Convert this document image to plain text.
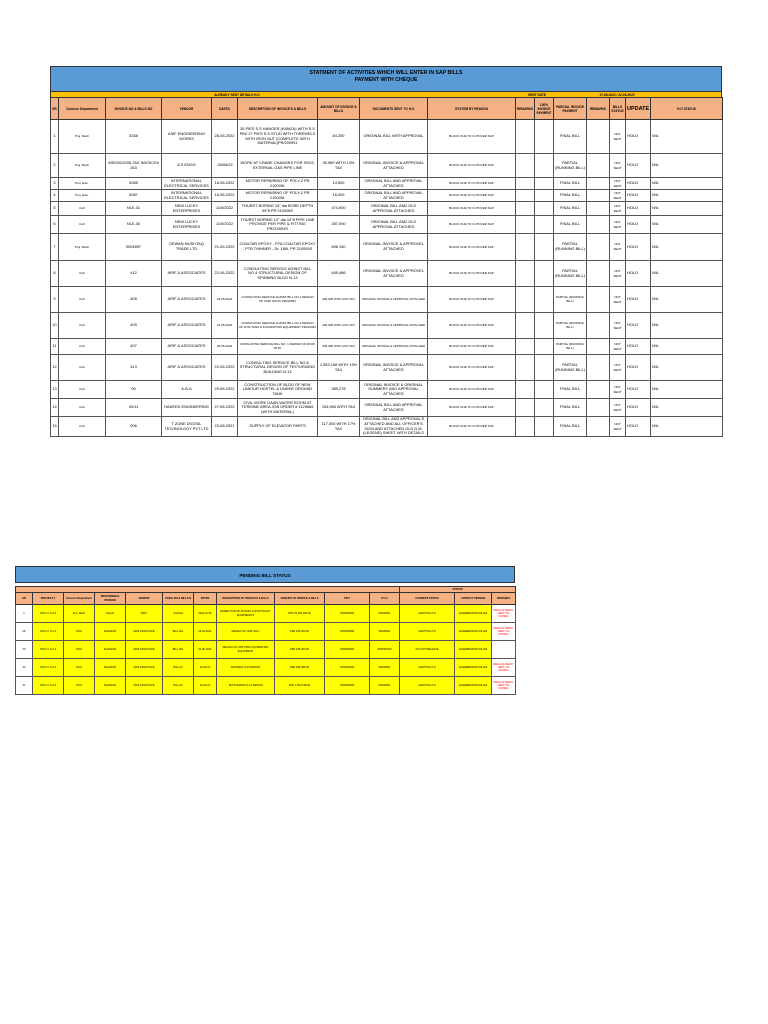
STATMENT OF ACTIVITIES WHICH WILL ENTER IN SAP BILLS
PAYMENT WITH CHEQUE
ALREADY SENT DETAILS H.O	SENT DATE	17-06-2022 / 22-06-2022
SR	Concern Department	INVOICE NO & BILLS NO	VENDOR	DATES	DESCRIPTION OF INVOICE'S & BILLS	AMOUNT OF INVOICE & BILLS	DOCUMENTS SENT TO H.O	SYSTEM BY REASON	REMARKS	100% INVOICE PAYMENT	PARCIAL INVOICE PAYMENT	REMARKS	BILLS STATUS	UPDATE	H.O STATUS
1	Proj. Mech	5338	ASIF ENGINEERING WORKS	28-05-2022	35 PIES S.S HANGER (KAMZA) WITH S.S PIN/ 27 PIES S.S STUD WITH THREWELS WITH IRON NUT (COMPLETE WITH MATERIAL)PR/200091	84,250	ORIGINAL BILL WITH APPROVAL	BLOCK DUE TO CUTOVER SAP			FINAL BILL		NOT SENT	HOLD	N/A
2	Proj. Mech	ASE/2022/05-TAX INVOICE# 263	A S ENGG	-30/06/22	WORK AT CRANE CHANGES FOR SSGC EXTERNAL GAS PIPE LINE	30,980 WITH 13% TAX	ORIGINAL INVOICE & APPROVAL ATTACHED	BLOCK DUE TO CUTOVER SAP			PARTIAL (RUNNING BILL)		NOT SENT	HOLD	N/A
3	Proj. Elec.	5285	INTERNATIONAL ELECTRICAL SERVICES	16-06-2022	MOTOR REPAIRING OF POLY-2 PR 210009L	14,500	ORIGINAL BILL AND APPROVAL ATTACHED	BLOCK DUE TO CUTOVER SAP			FINAL BILL		NOT SENT	HOLD	N/A
4	Proj. Elec.	5287	INTERNATIONAL ELECTRICAL SERVICES	16-06-2022	MOTOR REPAIRING OF POLY-2 PR 210009L	16,000	ORIGINAL BILL AND APPROVAL ATTACHED	BLOCK DUE TO CUTOVER SAP			FINAL BILL		NOT SENT	HOLD	N/A
5	Civil	NLE-31	NEW LUCKY ENTERPRISES	11/5/2022	THURST BORING 16" dia BORE DEPTH 09"ft PR 210006S	474,500	ORIGINAL BILL AND OLD APPROVAL ATTACHED	BLOCK DUE TO CUTOVER SAP			FINAL BILL		NOT SENT	HOLD	N/A
6	Civil	NLE-30	NEW LUCKY ENTERPRISES	11/5/2022	THURST BORING 12" dia 10"ft PIPE LINE PROVIDE PER PIPE & FITTING PR210009S	287,000	ORIGINAL BILL AND OLD APPROVAL ATTACHED	BLOCK DUE TO CUTOVER SAP			FINAL BILL		NOT SENT	HOLD	N/A
7	Proj. Mech	0004897	DEWAN MUSHTAQ TRADE LTD	21-05-2022	COALTAR EPOXY - PTA COALTAR EPOXY - PTB THINNER - Dr. 180L PR 210009S	696,150	ORIGINAL INVOICE & APPROVEL ATTACHED	BLOCK DUE TO CUTOVER SAP			PARTIAL (RUNNING BILL)		NOT SENT	HOLD	N/A
8	Civil	412	ARIF & ASSOCIATES	22-06-2022	CONSULTING SERVICE AGINST BILL NO.4 STRUCTURAL DESIGN OF SPINNING BLDG N-13	649,486	ORIGINAL INVOICE & APPROVEL ATTACHED	BLOCK DUE TO CUTOVER SAP			PARTIAL (RUNNING BILL)		NOT SENT	HOLD	N/A
9	Civil	408	ARIF & ASSOCIATES	23-05-2022	CONSULTING SERVICE AGINST BILL NO.1 DESIGN OF CHIP SILOS PR210091	226,000 WITH 13% TAX	ORIGINAL INVOICE & APPROVAL ATTACHED	BLOCK DUE TO CUTOVER SAP			PARTIAL (RUNNING BILL)		NOT SENT	HOLD	N/A
10	Civil	409	ARIF & ASSOCIATES	31-05-2022	CONSULTING SERVICE AGINST BILL NO.1 DESIGN OF HTM TANK & FOUNDATION EQUIPMENT PR210091	226,000 WITH 13% TAX	ORIGINAL INVOICE & APPROVAL ATTACHED	BLOCK DUE TO CUTOVER SAP			PARTIAL (RUNNING BILL)		NOT SENT	HOLD	N/A
11	Civil	407	ARIF & ASSOCIATES	26-05-2022	CONSULTING SERVICE BILL NO. 1 REPAIR OF ROOF WITH	339,000 WITH 13% TAX	ORIGINAL INVOICE & APPROVAL ATTACHED	BLOCK DUE TO CUTOVER SAP			PARTIAL (RUNNING BILL)		NOT SENT	HOLD	N/A
12	Civil	413	ARIF & ASSOCIATES	22-06-2022	CONSULTING SERVICE BILL NO.6 STRUCTURAL DESIGN OF TEXTURIZING BUILDING N-13	1,553,158 WITH 13% TAX	ORIGINAL INVOICE & APPROVAL ATTACHED	BLOCK DUE TO CUTOVER SAP			PARTIAL (RUNNING BILL)		NOT SENT	HOLD	N/A
13	Civil	06	A-B-A	29-06-2022	CONSTRUCTION OF BLDG OF NEW LABOUR HOSTEL & UNDER GROUND TANK	389,278	ORIGINAL INVOICE & ORIGINAL SUMMERY AND APPROVAL ATTACHED	BLOCK DUE TO CUTOVER SAP			FINAL BILL		NOT SENT	HOLD	N/A
14	Civil	00/11	HADEED ENGINEERING	27-06-2022	CIVIL WORK DAAN WATER ROOM AT TERMINE AREA JOB ORDER # 1125666 (WITH MATERIAL)	154,966 WITH TAX	ORIGINAL BILL AND APPROVAL ATTACHED	BLOCK DUE TO CUTOVER SAP			FINAL BILL		NOT SENT	HOLD	N/A
15	Civil	006	T ZONE DIGITAL TECHNOLOGY PVT LTD	23-08-2021	SUPPLY OF ELEVATOR PARTS	117,000 WITH 17% TAX	ORIGINAL BILL AND APPROVAL'S ATTACHED AND ALL OFFICER'S SIGN AND ATTACHED OLD D.M. (LEGEND) SHEET WITH DETAILS	BLOCK DUE TO CUTOVER SAP			FINAL BILL		NOT SENT	HOLD	N/A
PENDING BILL STATUS
											STATUS		
SR	PROJECT #	Concern Department	RESPONSIBLE PERSON	VENDOR	VOICE NO & BILLS N	DATES	DESCRIPTION OF INVOICE'S & BILLS	AMOUNT OF INVOICE & BILLS	PR #	P.O #	CURRENT STATUS	CONTACT PERSON	REMARKS
1	POLY-2, N-14	Proj. Mech	TALHA	RPIC	Contract	2022-10-05	ERRECTION OF ROTARY & STATIONARY EQUIPMENTS	PKR 70,000,000.00	7000009994	PENDING	AWAITING P.O	HASEEBUDDIN SIILANI	EMAIL ALREADY SENT ON 01/09/22
28	POLY-2, N-14	CIVIL	SHAHZAD	ARIF ASSOCIATE	BILL-001	22-03-2022	DESIGN OF CHIP SILO	PKR 226,000.00	7000009993	PENDING	AWAITING P.O	HASEEBUDDIN SIILANI	EMAIL ALREADY SENT ON 01/09/22
29	POLY-2, N-14	CIVIL	SHAHZAD	ARIF ASSOCIATE	BILL-001	31-05-2022	DESIGN OF HTM TANK FOUNDATION EQUIPMENT	PKR 226,000.00	7000009053	5200003313	P.O NOT RELEASE	HASEEBUDDIN SIILANI	
30	POLY-2, N-14	CIVIL	SHAHZAD	ARIF ASSOCIATE	BILL-04	22-06-22	SPINNING N-13 DESIGN	PKR 649,486.00	7000009065	PENDING	AWAITING P.O	HASEEBUDDIN SIILANI	EMAIL ALREADY SENT ON 01/09/22
31	POLY-2, N-14	CIVIL	SHAHZAD	ARIF ASSOCIATE	BILL-06	22-06-22	TEXTURIZING N-13 DESIGN	PKR 1,553,158.00	7000009066	PENDING	AWAITING P.O	HASEEBUDDIN SIILANI	EMAIL ALREADY SENT ON 01/09/22
